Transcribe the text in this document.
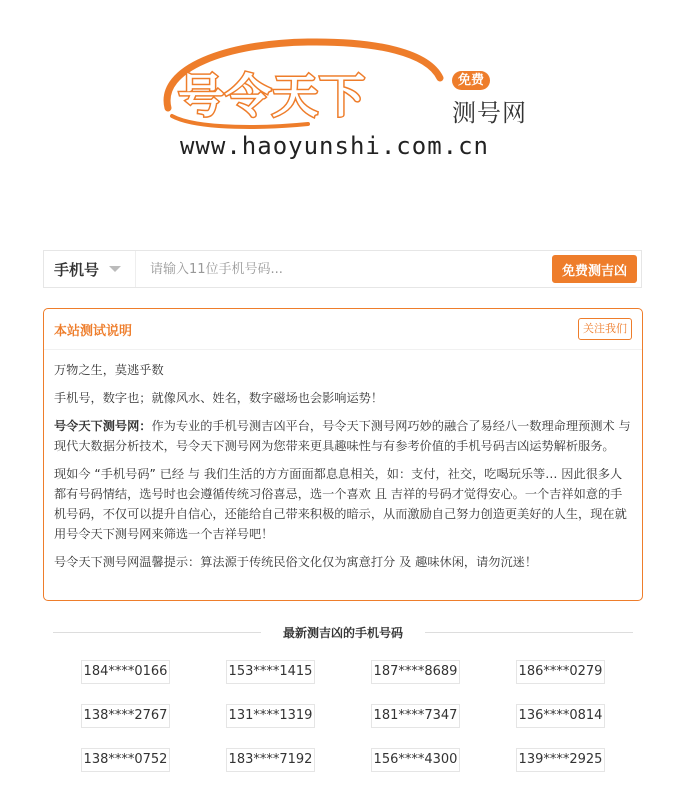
号令天下	免费
测号网
www.haoyunshi.com.cn
手机号
请输入11位手机号码...	免费测吉凶
本站测试说明	关注我们

万物之生，莫逃乎数

手机号，数字也；就像风水、姓名，数字磁场也会影响运势！

号令天下测号网：作为专业的手机号测吉凶平台，号令天下测号网巧妙的融合了易经八一数理命理预测术 与 现代大数据分析技术，号令天下测号网为您带来更具趣味性与有参考价值的手机号码吉凶运势解析服务。

现如今 “手机号码” 已经 与 我们生活的方方面面都息息相关，如：支付，社交，吃喝玩乐等… 因此很多人都有号码情结，选号时也会遵循传统习俗喜忌，选一个喜欢 且 吉祥的号码才觉得安心。一个吉祥如意的手机号码，不仅可以提升自信心，还能给自己带来积极的暗示，从而激励自己努力创造更美好的人生，现在就用号令天下测号网来筛选一个吉祥号吧！

号令天下测号网温馨提示：算法源于传统民俗文化仅为寓意打分 及 趣味休闲，请勿沉迷！

最新测吉凶的手机号码
184****0166	153****1415	187****8689	186****0279
138****2767	131****1319	181****7347	136****0814
138****0752	183****7192	156****4300	139****2925
